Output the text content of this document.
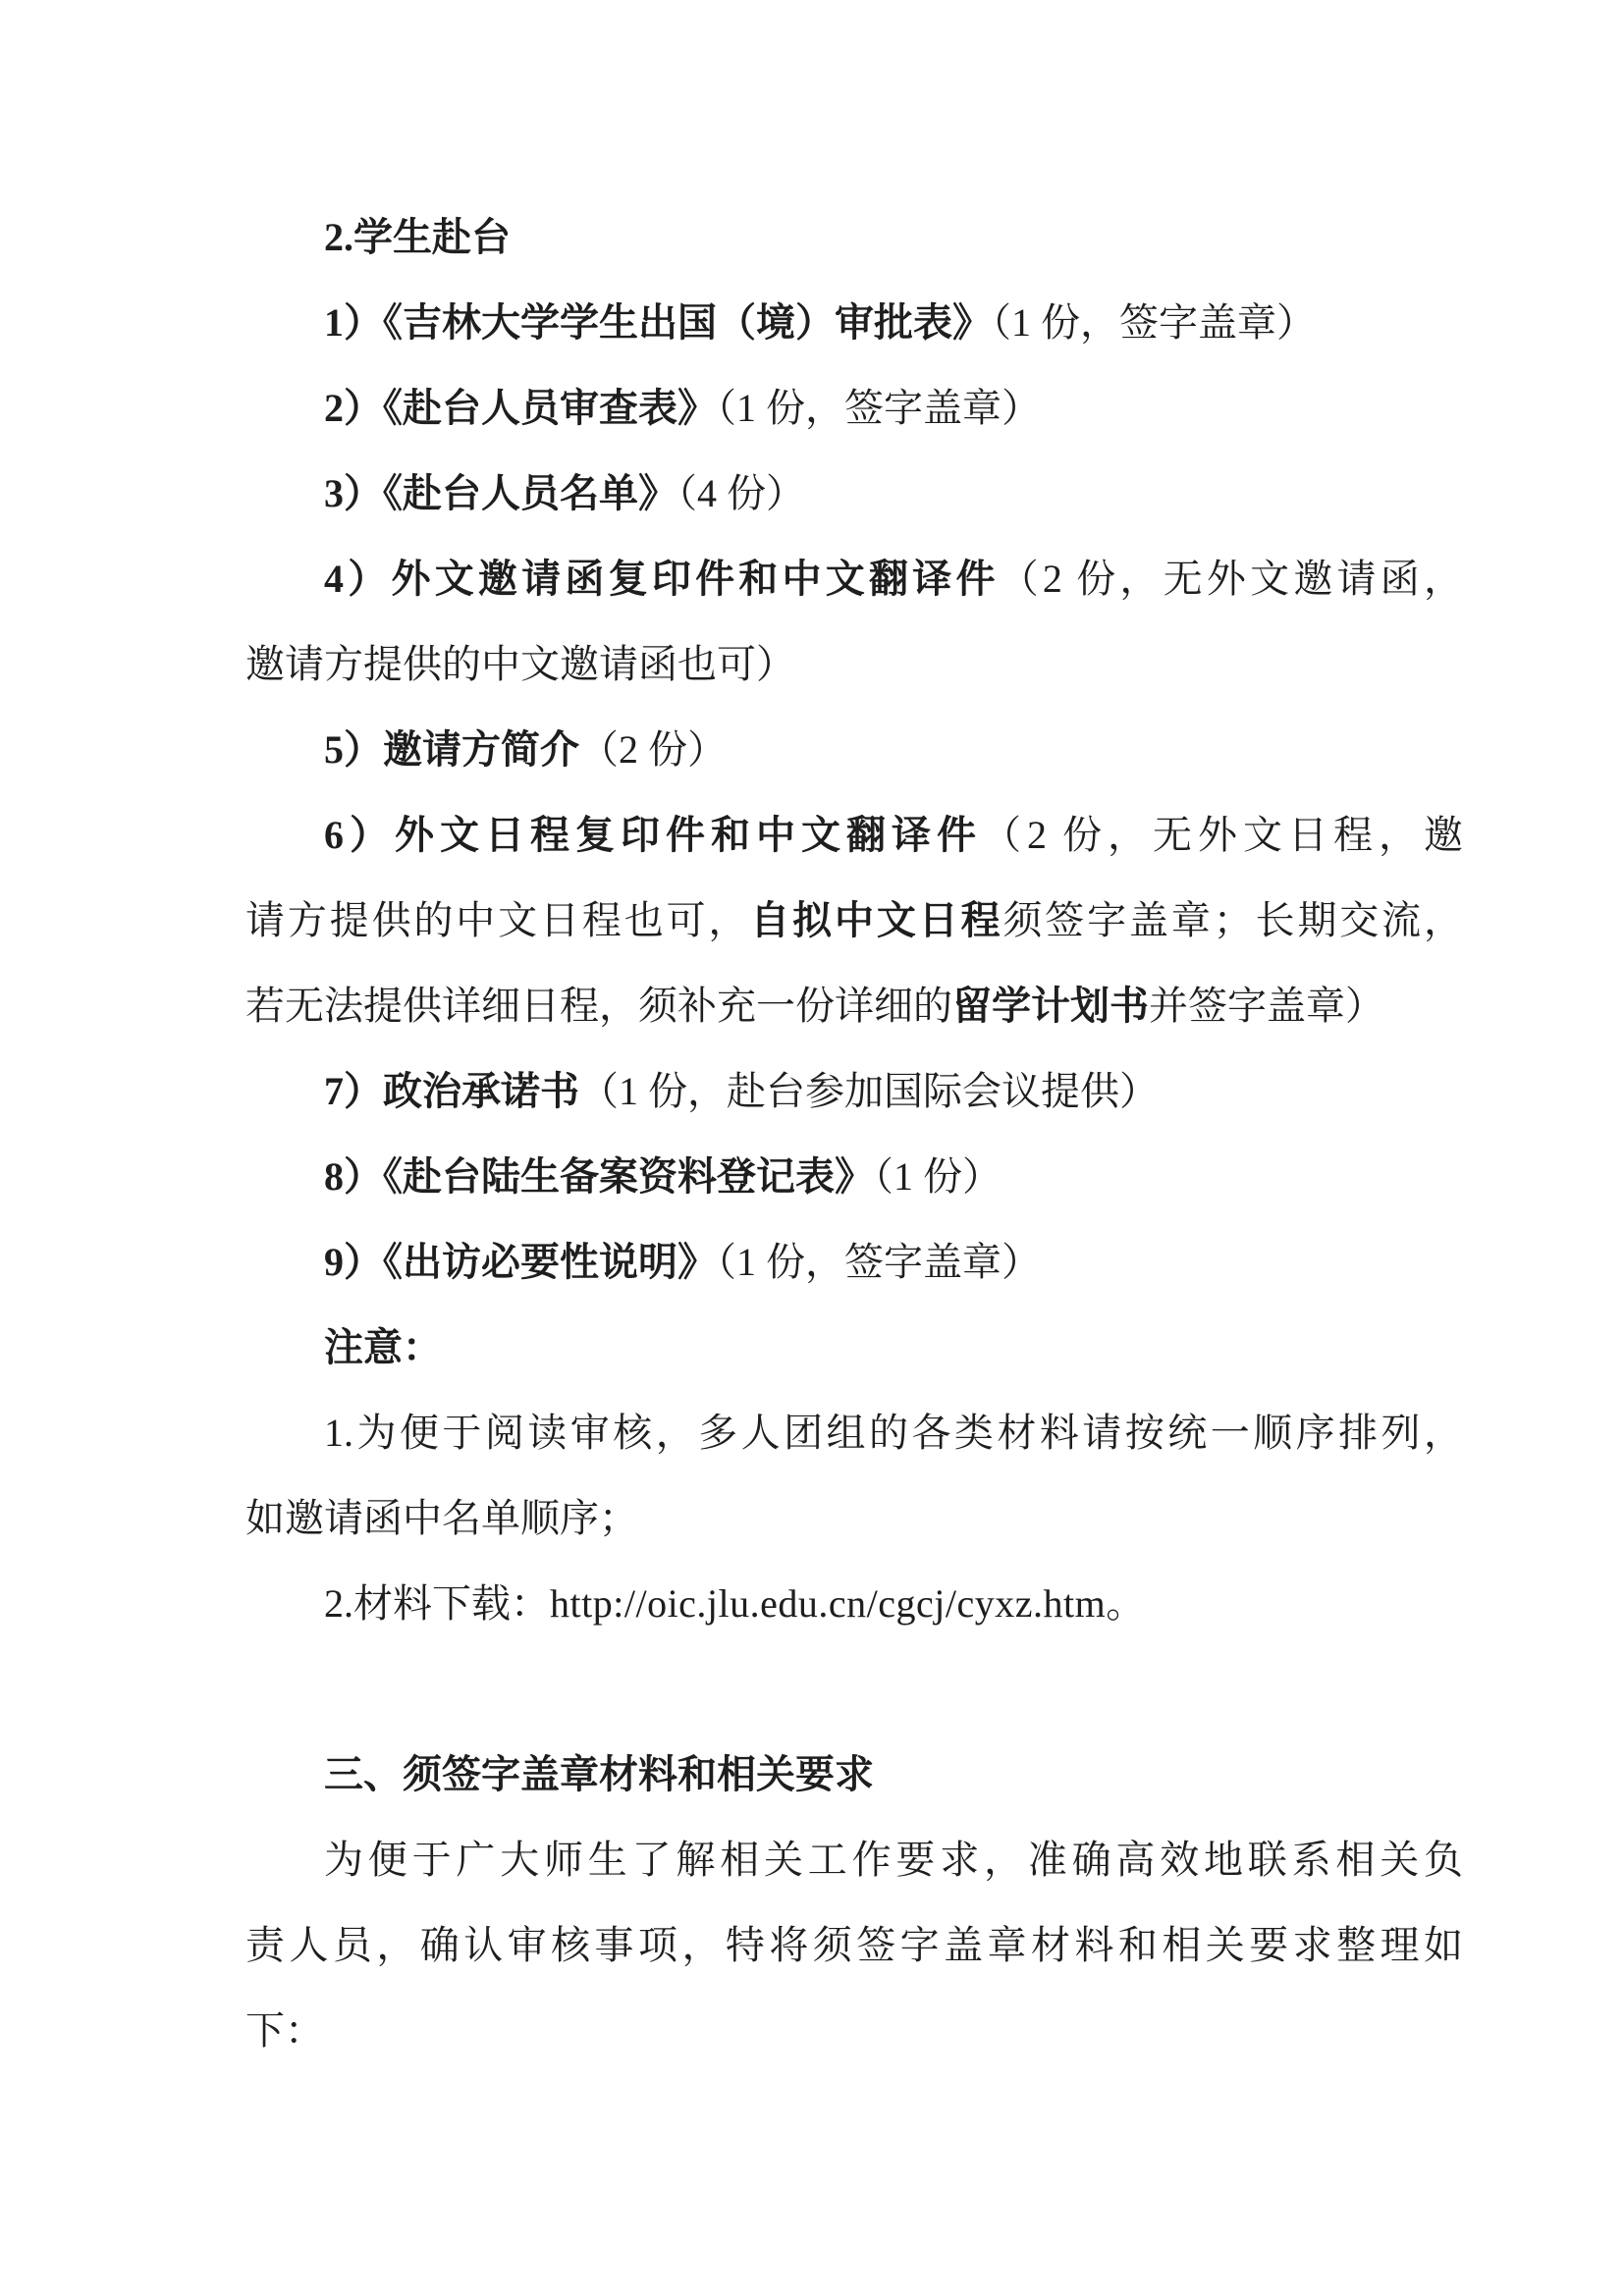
2.学生赴台
1）《吉林大学学生出国（境）审批表》（1 份，签字盖章）
2）《赴台人员审查表》（1 份，签字盖章）
3）《赴台人员名单》（4 份）
4）外文邀请函复印件和中文翻译件（2 份，无外文邀请函，
邀请方提供的中文邀请函也可）
5）邀请方简介（2 份）
6）外文日程复印件和中文翻译件（2 份，无外文日程，邀
请方提供的中文日程也可，自拟中文日程须签字盖章；长期交流，
若无法提供详细日程，须补充一份详细的留学计划书并签字盖章）
7）政治承诺书（1 份，赴台参加国际会议提供）
8）《赴台陆生备案资料登记表》（1 份）
9）《出访必要性说明》（1 份，签字盖章）
注意：
1.为便于阅读审核，多人团组的各类材料请按统一顺序排列，
如邀请函中名单顺序；
2.材料下载：http://oic.jlu.edu.cn/cgcj/cyxz.htm。
三、须签字盖章材料和相关要求
为便于广大师生了解相关工作要求，准确高效地联系相关负
责人员，确认审核事项，特将须签字盖章材料和相关要求整理如
下：
